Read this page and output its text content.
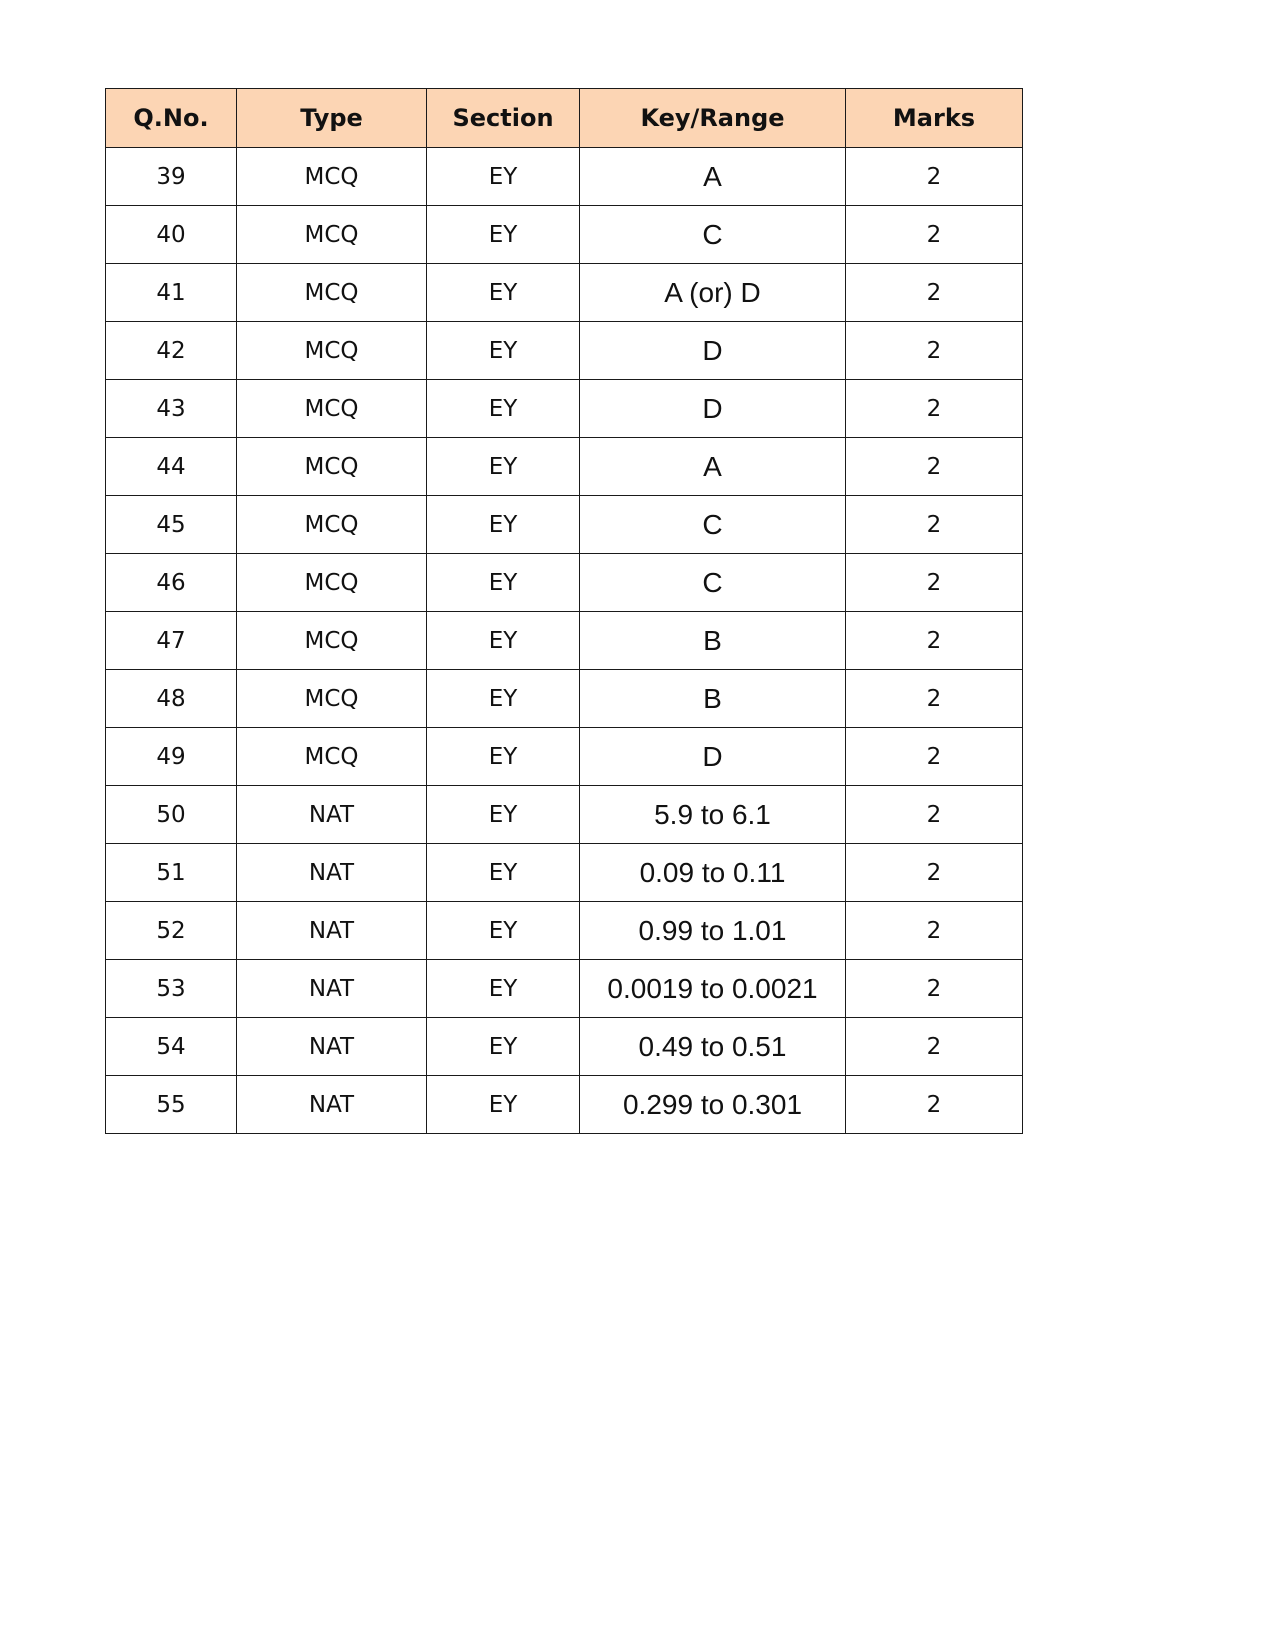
Q.No.	Type	Section	Key/Range	Marks
39	MCQ	EY	A	2
40	MCQ	EY	C	2
41	MCQ	EY	A (or) D	2
42	MCQ	EY	D	2
43	MCQ	EY	D	2
44	MCQ	EY	A	2
45	MCQ	EY	C	2
46	MCQ	EY	C	2
47	MCQ	EY	B	2
48	MCQ	EY	B	2
49	MCQ	EY	D	2
50	NAT	EY	5.9 to 6.1	2
51	NAT	EY	0.09 to 0.11	2
52	NAT	EY	0.99 to 1.01	2
53	NAT	EY	0.0019 to 0.0021	2
54	NAT	EY	0.49 to 0.51	2
55	NAT	EY	0.299 to 0.301	2
